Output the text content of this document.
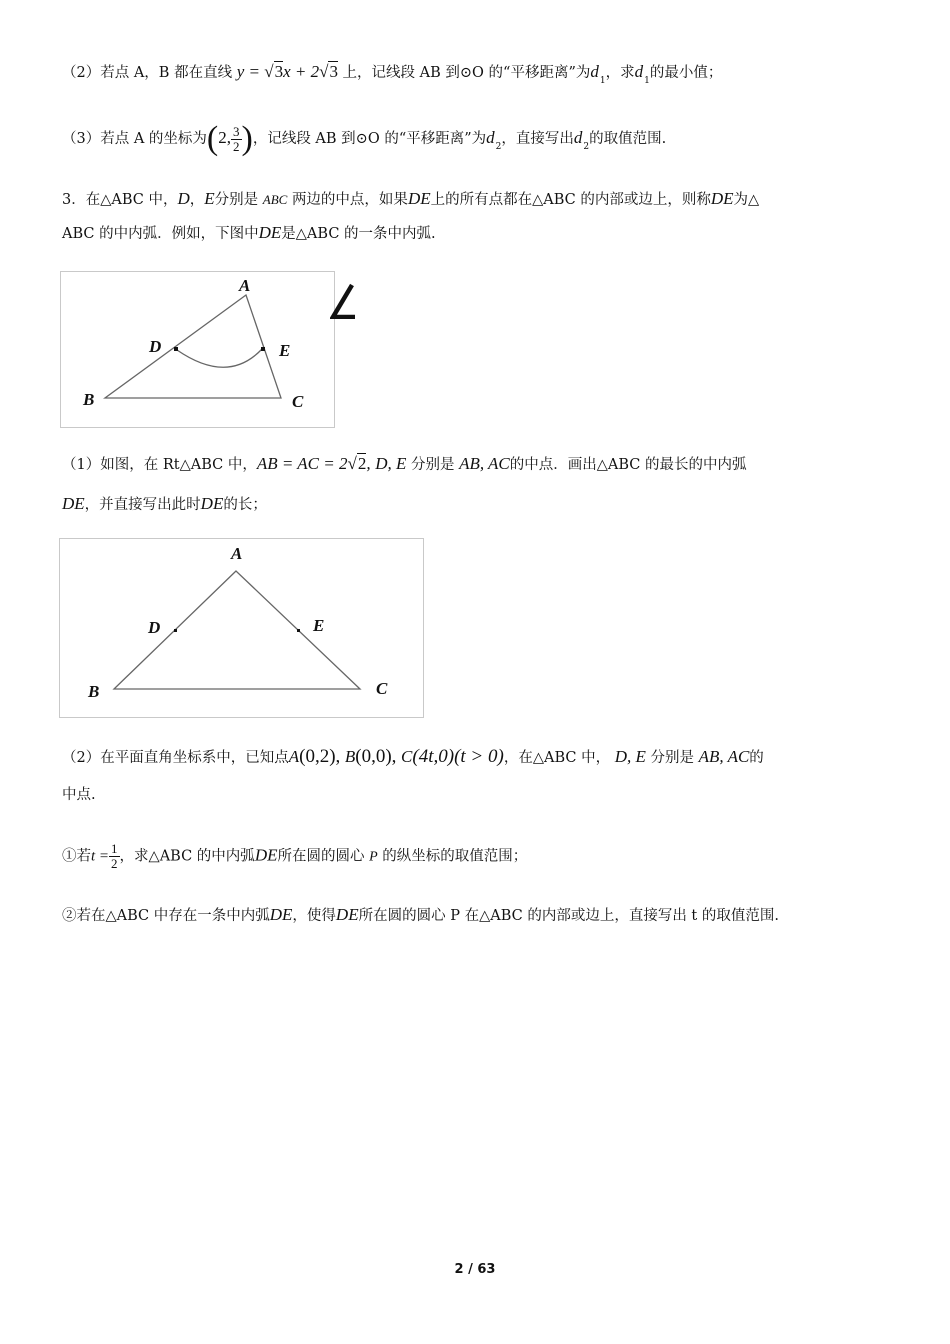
（2）若点 A，B 都在直线 y = √3x + 2√3 上，记线段 AB 到⊙O 的“平移距离”为$d_1$，求$d_1$的最小值；
（3）若点 A 的坐标为(2, $\frac{3}{2}$ )，记线段 AB 到⊙O 的“平移距离”为$d_2$，直接写出$d_2$的取值范围.
3．在△ABC 中，D，E分别是 ABC 两边的中点，如果DE上的所有点都在△ABC 的内部或边上，则称DE为△
ABC 的中内弧．例如，下图中DE是△ABC 的一条中内弧.
A
B	C
D	E
（1）如图，在 Rt△ABC 中，AB = AC = 2√2, D, E 分别是 AB, AC的中点．画出△ABC 的最长的中内弧
DE，并直接写出此时DE的长；
A
B	C
D	E
（2）在平面直角坐标系中，已知点A(0,2), B(0,0), C(4t,0)(t > 0)，在△ABC 中， D, E 分别是 AB, AC的
中点.
①若$t = \frac{1}{2}$ ，求△ABC 的中内弧DE所在圆的圆心 P 的纵坐标的取值范围；
②若在△ABC 中存在一条中内弧DE，使得DE所在圆的圆心 P 在△ABC 的内部或边上，直接写出 t 的取值范围.
2 / 63
